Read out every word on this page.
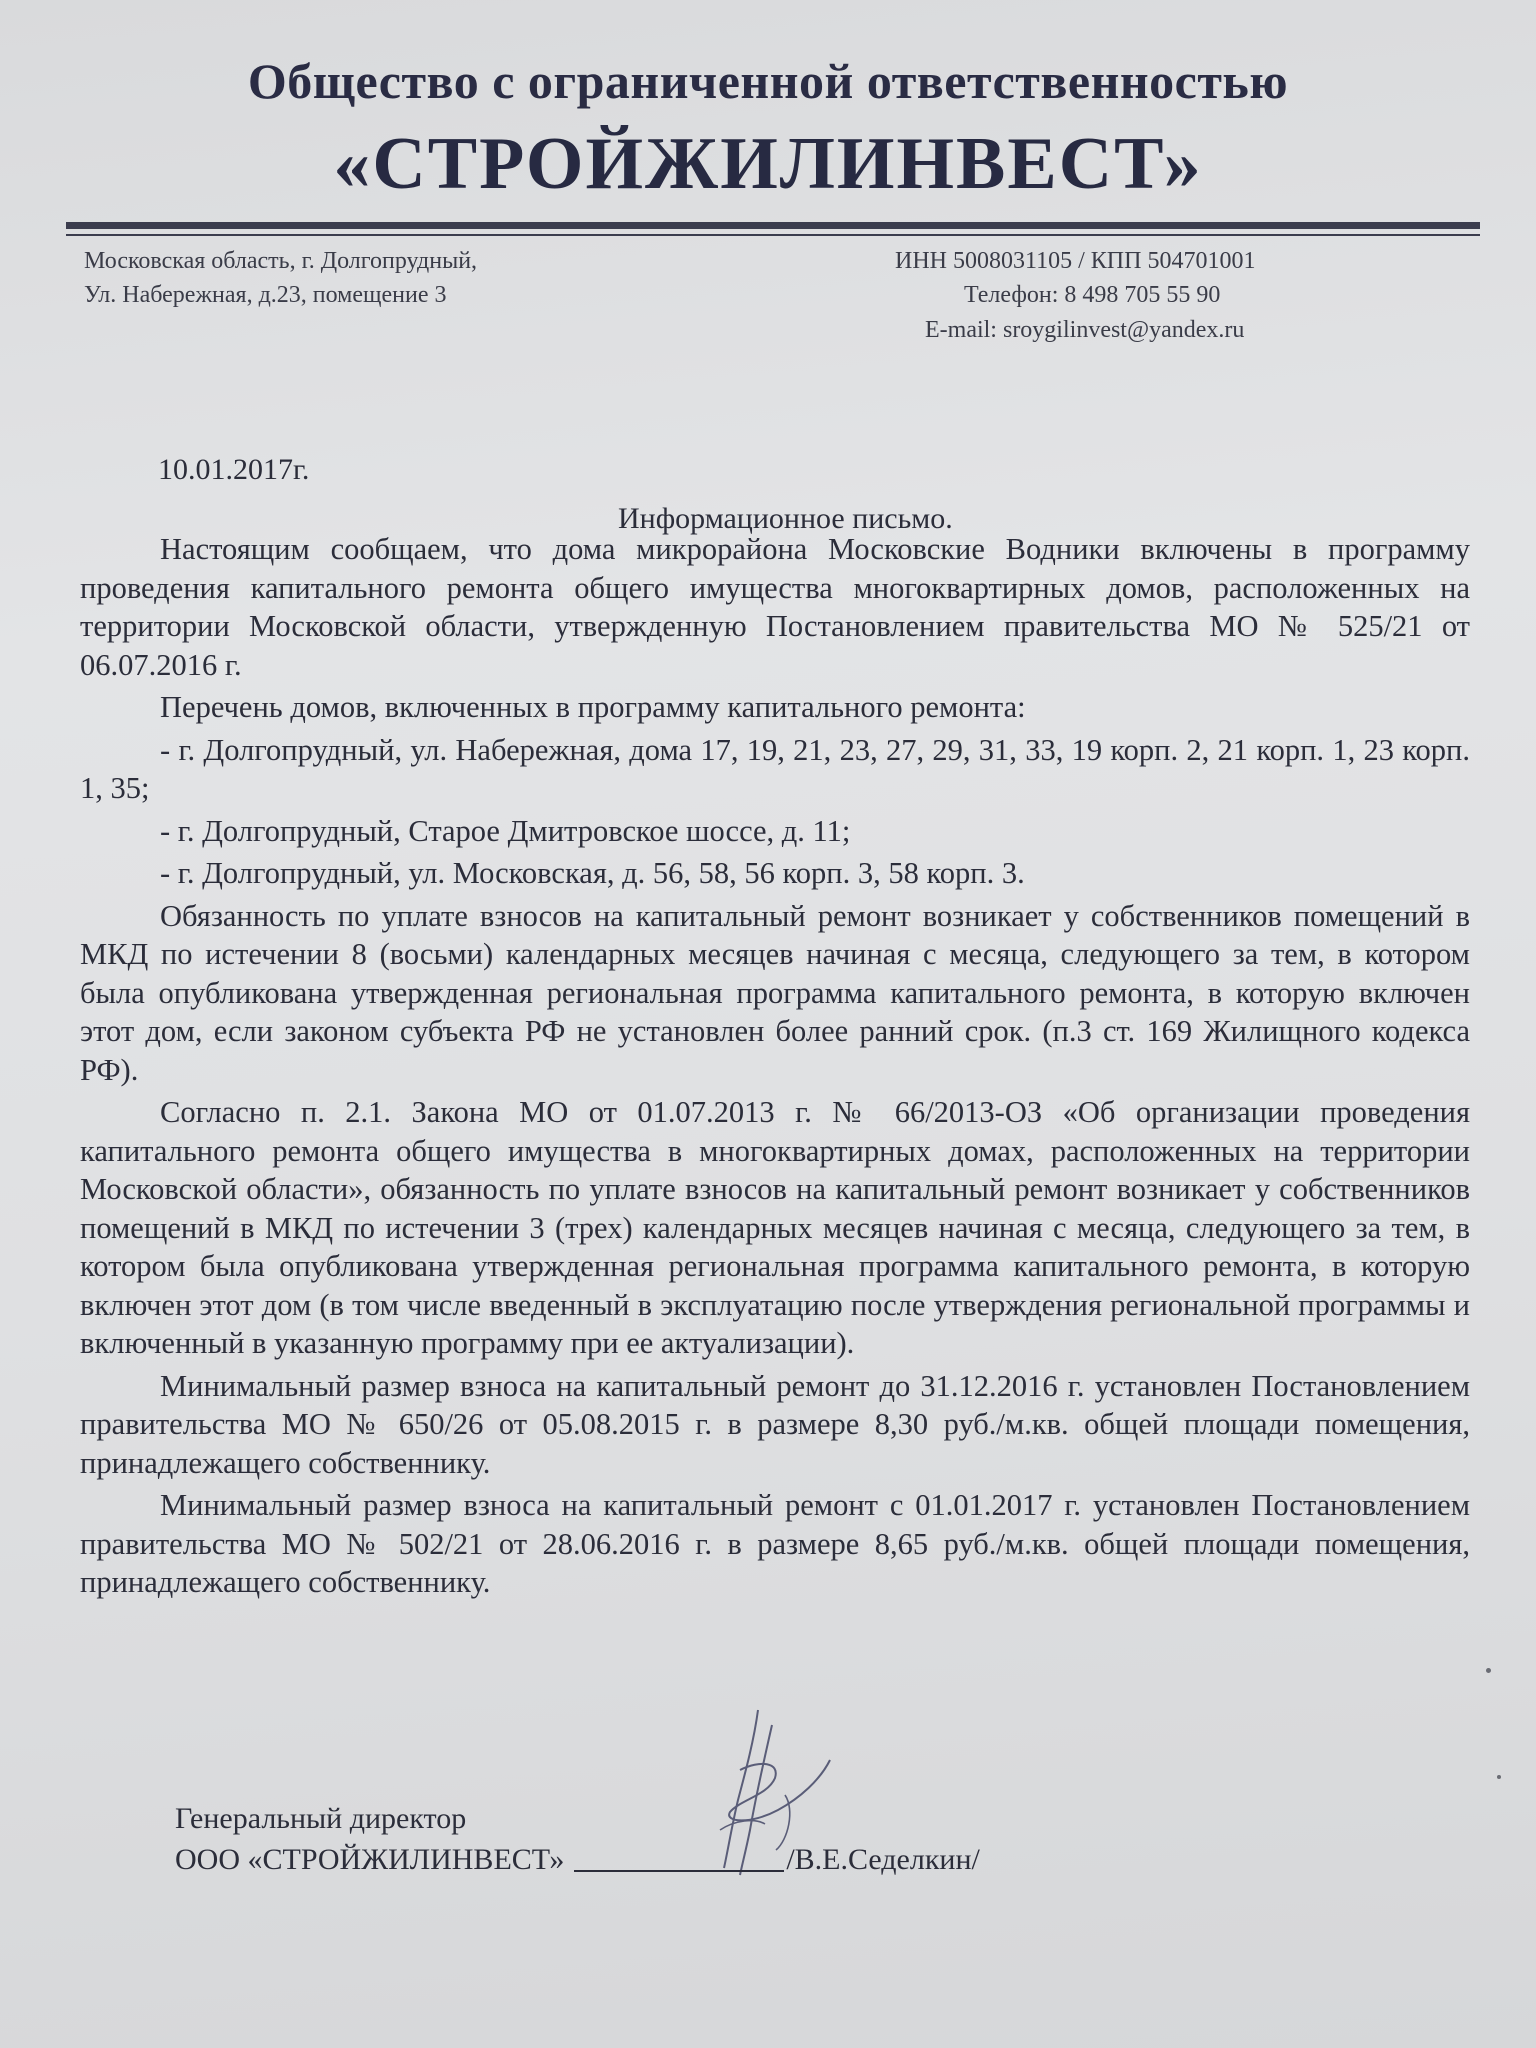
Общество с ограниченной ответственностью
«СТРОЙЖИЛИНВЕСТ»
Московская область, г. Долгопрудный,
Ул. Набережная, д.23, помещение 3
ИНН 5008031105 / КПП 504701001
Телефон: 8 498 705 55 90
E-mail: sroygilinvest@yandex.ru
10.01.2017г.
Информационное письмо.

Настоящим сообщаем, что дома микрорайона Московские Водники включены в программу проведения капитального ремонта общего имущества многоквартирных домов, расположенных на территории Московской области, утвержденную Постановлением правительства МО № 525/21 от 06.07.2016 г.

Перечень домов, включенных в программу капитального ремонта:

- г. Долгопрудный, ул. Набережная, дома 17, 19, 21, 23, 27, 29, 31, 33, 19 корп. 2, 21 корп. 1, 23 корп. 1, 35;

- г. Долгопрудный, Старое Дмитровское шоссе, д. 11;

- г. Долгопрудный, ул. Московская, д. 56, 58, 56 корп. 3, 58 корп. 3.

Обязанность по уплате взносов на капитальный ремонт возникает у собственников помещений в МКД по истечении 8 (восьми) календарных месяцев начиная с месяца, следующего за тем, в котором была опубликована утвержденная региональная программа капитального ремонта, в которую включен этот дом, если законом субъекта РФ не установлен более ранний срок. (п.3 ст. 169 Жилищного кодекса РФ).

Согласно п. 2.1. Закона МО от 01.07.2013 г. № 66/2013-ОЗ «Об организации проведения капитального ремонта общего имущества в многоквартирных домах, расположенных на территории Московской области», обязанность по уплате взносов на капитальный ремонт возникает у собственников помещений в МКД по истечении 3 (трех) календарных месяцев начиная с месяца, следующего за тем, в котором была опубликована утвержденная региональная программа капитального ремонта, в которую включен этот дом (в том числе введенный в эксплуатацию после утверждения региональной программы и включенный в указанную программу при ее актуализации).

Минимальный размер взноса на капитальный ремонт до 31.12.2016 г. установлен Постановлением правительства МО № 650/26 от 05.08.2015 г. в размере 8,30 руб./м.кв. общей площади помещения, принадлежащего собственнику.

Минимальный размер взноса на капитальный ремонт с 01.01.2017 г. установлен Постановлением правительства МО № 502/21 от 28.06.2016 г. в размере 8,65 руб./м.кв. общей площади помещения, принадлежащего собственнику.

Генеральный директор
ООО «СТРОЙЖИЛИНВЕСТ»	/В.Е.Седелкин/
